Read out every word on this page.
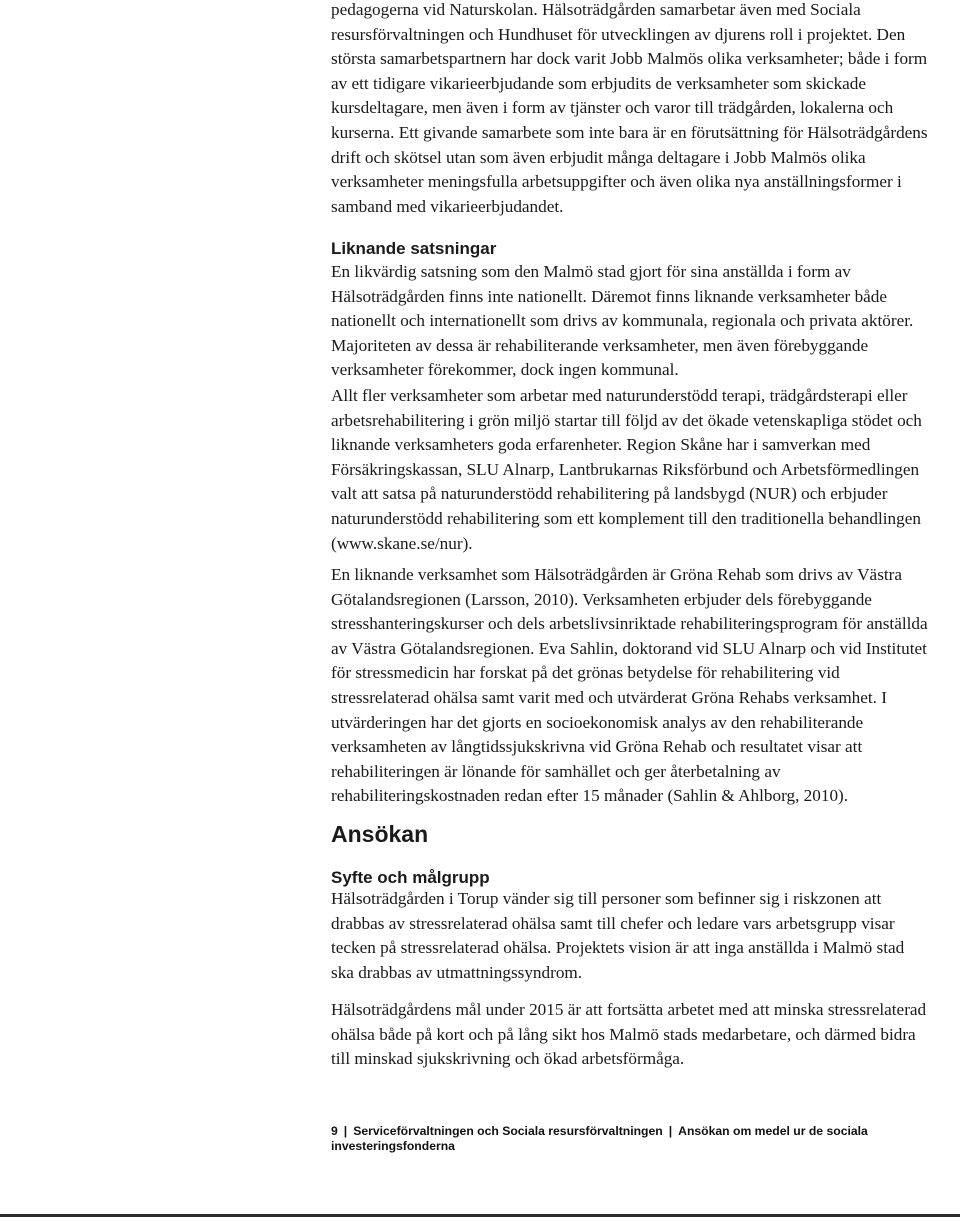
pedagogerna vid Naturskolan. Hälsoträdgården samarbetar även med Sociala resursförvaltningen och Hundhuset för utvecklingen av djurens roll i projektet. Den största samarbetspartnern har dock varit Jobb Malmös olika verksamheter; både i form av ett tidigare vikarieerbjudande som erbjudits de verksamheter som skickade kursdeltagare, men även i form av tjänster och varor till trädgården, lokalerna och kurserna. Ett givande samarbete som inte bara är en förutsättning för Hälsoträdgårdens drift och skötsel utan som även erbjudit många deltagare i Jobb Malmös olika verksamheter meningsfulla arbetsuppgifter och även olika nya anställningsformer i samband med vikarieerbjudandet.

Liknande satsningar

En likvärdig satsning som den Malmö stad gjort för sina anställda i form av Hälsoträdgården finns inte nationellt. Däremot finns liknande verksamheter både nationellt och internationellt som drivs av kommunala, regionala och privata aktörer. Majoriteten av dessa är rehabiliterande verksamheter, men även förebyggande verksamheter förekommer, dock ingen kommunal.

Allt fler verksamheter som arbetar med naturunderstödd terapi, trädgårdsterapi eller arbetsrehabilitering i grön miljö startar till följd av det ökade vetenskapliga stödet och liknande verksamheters goda erfarenheter. Region Skåne har i samverkan med Försäkringskassan, SLU Alnarp, Lantbrukarnas Riksförbund och Arbetsförmedlingen valt att satsa på naturunderstödd rehabilitering på landsbygd (NUR) och erbjuder naturunderstödd rehabilitering som ett komplement till den traditionella behandlingen (www.skane.se/nur).

En liknande verksamhet som Hälsoträdgården är Gröna Rehab som drivs av Västra Götalandsregionen (Larsson, 2010). Verksamheten erbjuder dels förebyggande stresshanteringskurser och dels arbetslivsinriktade rehabiliteringsprogram för anställda av Västra Götalandsregionen. Eva Sahlin, doktorand vid SLU Alnarp och vid Institutet för stressmedicin har forskat på det grönas betydelse för rehabilitering vid stressrelaterad ohälsa samt varit med och utvärderat Gröna Rehabs verksamhet. I utvärderingen har det gjorts en socioekonomisk analys av den rehabiliterande verksamheten av långtidssjukskrivna vid Gröna Rehab och resultatet visar att rehabiliteringen är lönande för samhället och ger återbetalning av rehabiliteringskostnaden redan efter 15 månader (Sahlin & Ahlborg, 2010).

Ansökan
Syfte och målgrupp

Hälsoträdgården i Torup vänder sig till personer som befinner sig i riskzonen att drabbas av stressrelaterad ohälsa samt till chefer och ledare vars arbetsgrupp visar tecken på stressrelaterad ohälsa. Projektets vision är att inga anställda i Malmö stad ska drabbas av utmattningssyndrom.

Hälsoträdgårdens mål under 2015 är att fortsätta arbetet med att minska stressrelaterad ohälsa både på kort och på lång sikt hos Malmö stads medarbetare, och därmed bidra till minskad sjukskrivning och ökad arbetsförmåga.

9 | Serviceförvaltningen och Sociala resursförvaltningen | Ansökan om medel ur de sociala investeringsfonderna
